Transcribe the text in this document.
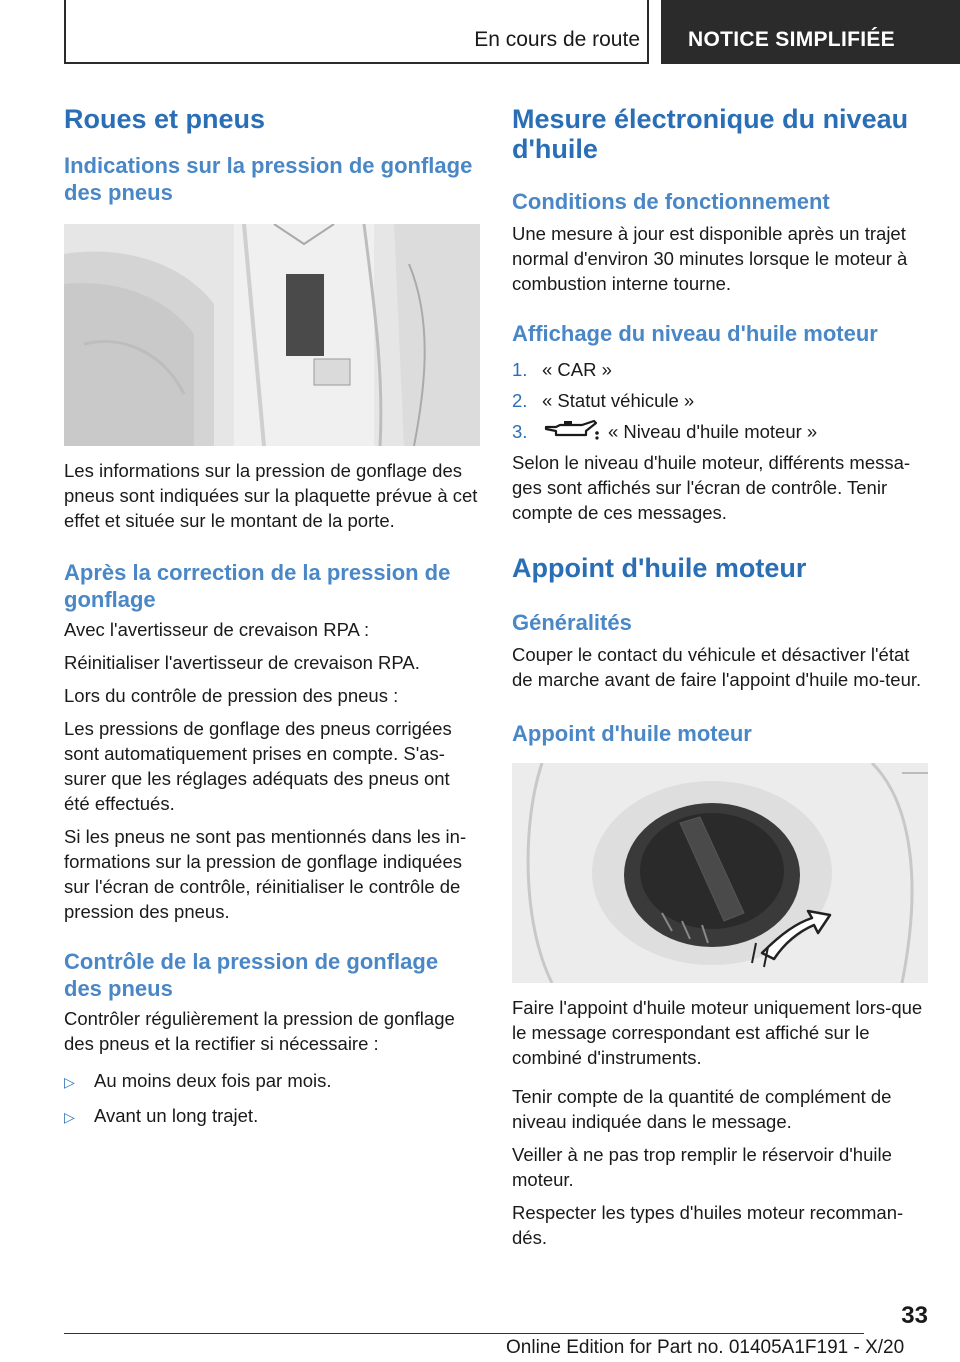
En cours de route	NOTICE SIMPLIFIÉE
Roues et pneus
Indications sur la pression de gonflage des pneus

Les informations sur la pression de gonflage des pneus sont indiquées sur la plaquette prévue à cet effet et située sur le montant de la porte.

Après la correction de la pression de gonflage

Avec l'avertisseur de crevaison RPA :

Réinitialiser l'avertisseur de crevaison RPA.

Lors du contrôle de pression des pneus :

Les pressions de gonflage des pneus corrigées sont automatiquement prises en compte. S'as-surer que les réglages adéquats des pneus ont été effectués.

Si les pneus ne sont pas mentionnés dans les in-formations sur la pression de gonflage indiquées sur l'écran de contrôle, réinitialiser le contrôle de pression des pneus.

Contrôle de la pression de gonflage des pneus

Contrôler régulièrement la pression de gonflage des pneus et la rectifier si nécessaire :

▷	Au moins deux fois par mois.
▷	Avant un long trajet.
Mesure électronique du niveau d'huile
Conditions de fonctionnement

Une mesure à jour est disponible après un trajet normal d'environ 30 minutes lorsque le moteur à combustion interne tourne.

Affichage du niveau d'huile moteur
1. « CAR »
2. « Statut véhicule »
3.	« Niveau d'huile moteur »

Selon le niveau d'huile moteur, différents messa-ges sont affichés sur l'écran de contrôle. Tenir compte de ces messages.

Appoint d'huile moteur
Généralités

Couper le contact du véhicule et désactiver l'état de marche avant de faire l'appoint d'huile mo-teur.

Appoint d'huile moteur

Faire l'appoint d'huile moteur uniquement lors-que le message correspondant est affiché sur le combiné d'instruments.

Tenir compte de la quantité de complément de niveau indiquée dans le message.

Veiller à ne pas trop remplir le réservoir d'huile moteur.

Respecter les types d'huiles moteur recomman-dés.

33
Online Edition for Part no. 01405A1F191 - X/20
